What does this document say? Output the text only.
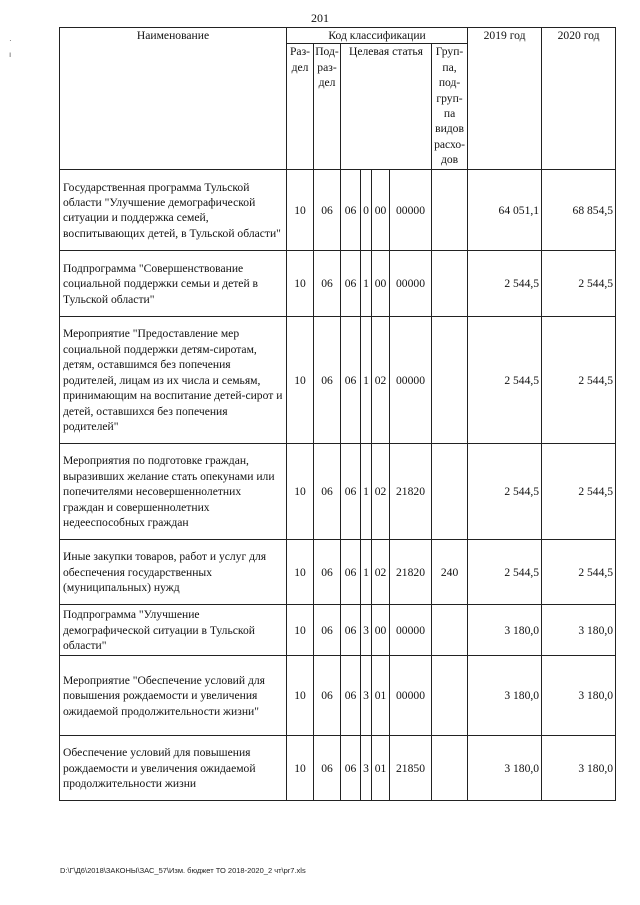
201
·
ı
Наименование	Код классификации							2019 год	2020 год
	Раз-дел	Под-раз-дел	Целевая статья				Груп-па, под-груп-па видов расхо-дов		
Государственная программа Тульской области "Улучшение демографической ситуации и поддержка семей, воспитывающих детей, в Тульской области"	10	06	06	0	00	00000		64 051,1	68 854,5
Подпрограмма "Совершенствование социальной поддержки семьи и детей в Тульской области"	10	06	06	1	00	00000		2 544,5	2 544,5
Мероприятие "Предоставление мер социальной поддержки детям-сиротам, детям, оставшимся без попечения родителей, лицам из их числа и семьям, принимающим на воспитание детей-сирот и детей, оставшихся без попечения родителей"	10	06	06	1	02	00000		2 544,5	2 544,5
Мероприятия по подготовке граждан, выразивших желание стать опекунами или попечителями несовершеннолетних граждан и совершеннолетних недееспособных граждан	10	06	06	1	02	21820		2 544,5	2 544,5
Иные закупки товаров, работ и услуг для обеспечения государственных (муниципальных) нужд	10	06	06	1	02	21820	240	2 544,5	2 544,5
Подпрограмма "Улучшение демографической ситуации в Тульской области"	10	06	06	3	00	00000		3 180,0	3 180,0
Мероприятие "Обеспечение условий для повышения рождаемости и увеличения ожидаемой продолжительности жизни"	10	06	06	3	01	00000		3 180,0	3 180,0
Обеспечение условий для повышения рождаемости и увеличения ожидаемой продолжительности жизни	10	06	06	3	01	21850		3 180,0	3 180,0
D:\Г\Д6\2018\ЗАКОНЫ\ЗАС_57\Изм. бюджет ТО 2018-2020_2 чт\pr7.xls
